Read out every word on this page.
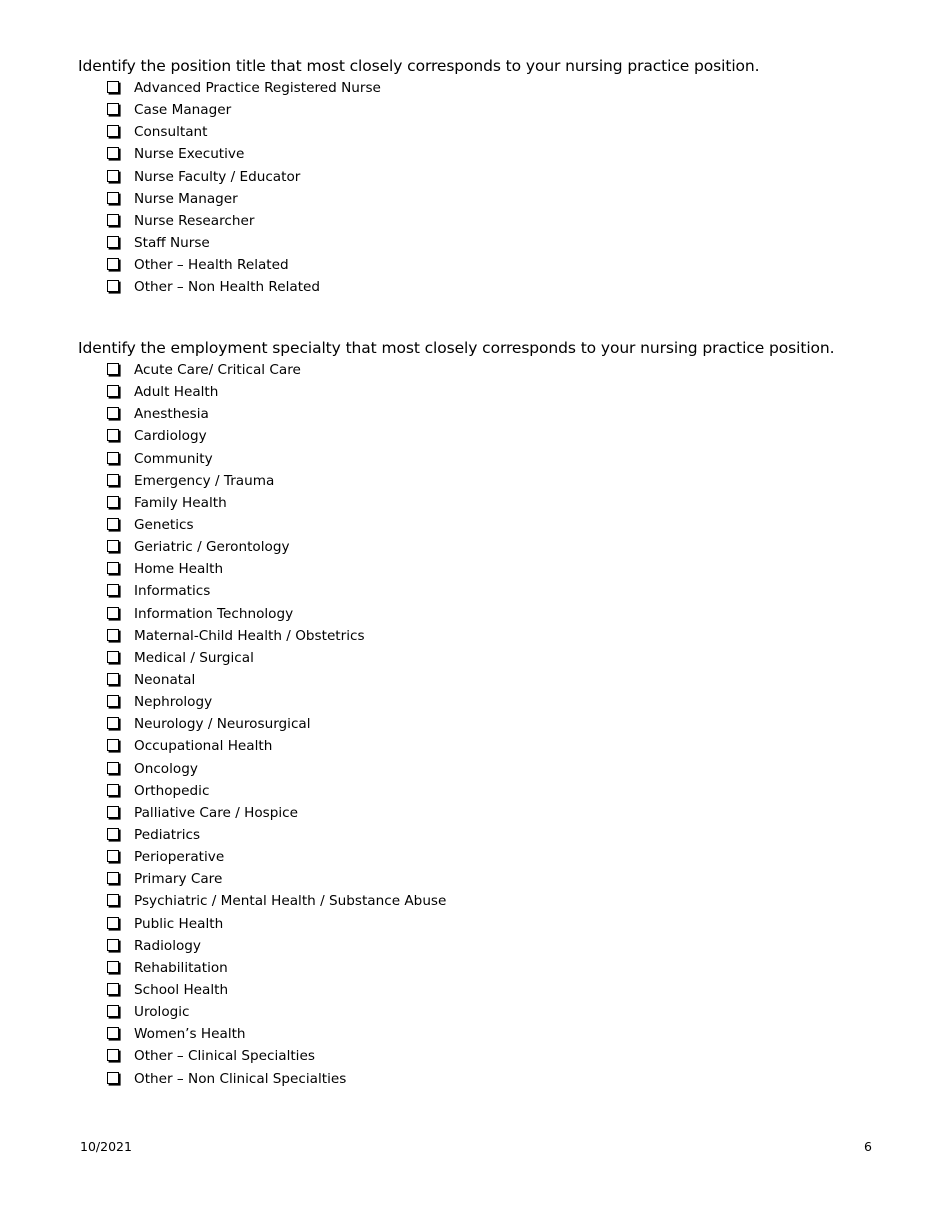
Identify the position title that most closely corresponds to your nursing practice position.
Advanced Practice Registered Nurse
Case Manager
Consultant
Nurse Executive
Nurse Faculty / Educator
Nurse Manager
Nurse Researcher
Staff Nurse
Other – Health Related
Other – Non Health Related
Identify the employment specialty that most closely corresponds to your nursing practice position.
Acute Care/ Critical Care
Adult Health
Anesthesia
Cardiology
Community
Emergency / Trauma
Family Health
Genetics
Geriatric / Gerontology
Home Health
Informatics
Information Technology
Maternal-Child Health / Obstetrics
Medical / Surgical
Neonatal
Nephrology
Neurology / Neurosurgical
Occupational Health
Oncology
Orthopedic
Palliative Care / Hospice
Pediatrics
Perioperative
Primary Care
Psychiatric / Mental Health / Substance Abuse
Public Health
Radiology
Rehabilitation
School Health
Urologic
Women’s Health
Other – Clinical Specialties
Other – Non Clinical Specialties
10/2021	6
